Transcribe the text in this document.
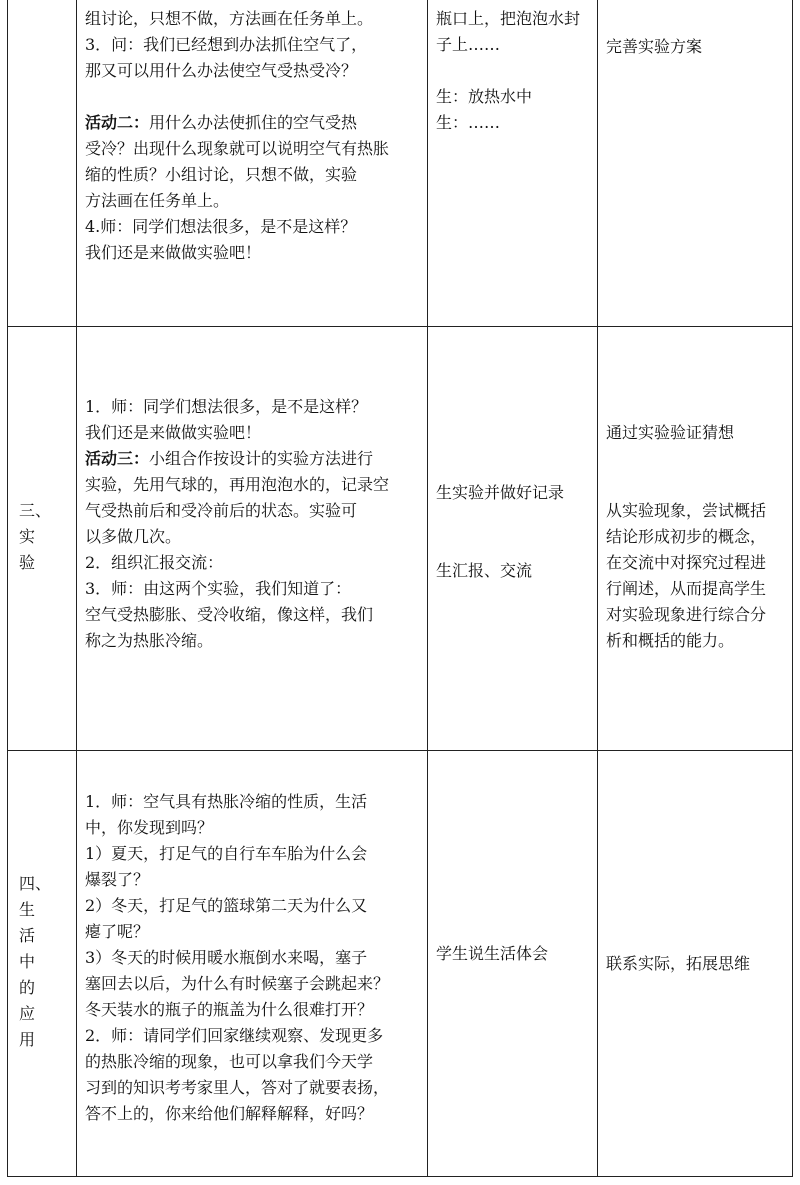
组讨论，只想不做，方法画在任务单上。

3．问：我们已经想到办法抓住空气了，

那又可以用什么办法使空气受热受冷？

活动二：用什么办法使抓住的空气受热

受冷？出现什么现象就可以说明空气有热胀

缩的性质？小组讨论，只想不做，实验

方法画在任务单上。

4.师：同学们想法很多，是不是这样？

我们还是来做做实验吧！

瓶口上，把泡泡水封

子上……

生：放热水中

生：……

完善实验方案

三、

实

验

1．师：同学们想法很多，是不是这样？

我们还是来做做实验吧！

活动三：小组合作按设计的实验方法进行

实验，先用气球的，再用泡泡水的，记录空

气受热前后和受冷前后的状态。实验可

以多做几次。

2．组织汇报交流：

3．师：由这两个实验，我们知道了：

空气受热膨胀、受冷收缩，像这样，我们

称之为热胀冷缩。

生实验并做好记录

生汇报、交流

通过实验验证猜想

从实验现象，尝试概括

结论形成初步的概念，

在交流中对探究过程进

行阐述，从而提高学生

对实验现象进行综合分

析和概括的能力。

四、

生

活

中

的

应

用

1．师：空气具有热胀冷缩的性质，生活

中，你发现到吗？

1）夏天，打足气的自行车车胎为什么会

爆裂了？

2）冬天，打足气的篮球第二天为什么又

瘪了呢？

3）冬天的时候用暖水瓶倒水来喝，塞子

塞回去以后，为什么有时候塞子会跳起来？

冬天装水的瓶子的瓶盖为什么很难打开？

2．师：请同学们回家继续观察、发现更多

的热胀冷缩的现象，也可以拿我们今天学

习到的知识考考家里人，答对了就要表扬，

答不上的，你来给他们解释解释，好吗？

学生说生活体会

联系实际，拓展思维
